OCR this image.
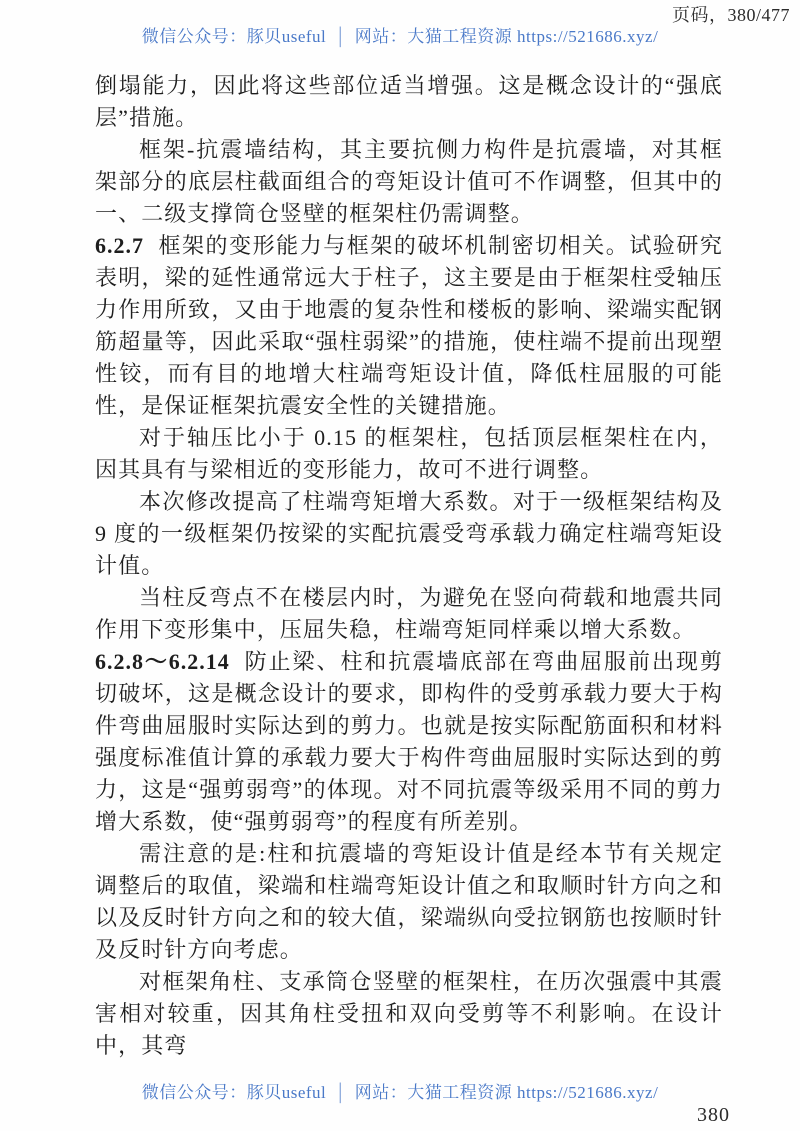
页码，380/477
微信公众号：豚贝useful │ 网站：大猫工程资源 https://521686.xyz/

倒塌能力，因此将这些部位适当增强。这是概念设计的“强底层”措施。

框架-抗震墙结构，其主要抗侧力构件是抗震墙，对其框架部分的底层柱截面组合的弯矩设计值可不作调整，但其中的一、二级支撑筒仓竖壁的框架柱仍需调整。

6.2.7 框架的变形能力与框架的破坏机制密切相关。试验研究表明，梁的延性通常远大于柱子，这主要是由于框架柱受轴压力作用所致，又由于地震的复杂性和楼板的影响、梁端实配钢筋超量等，因此采取“强柱弱梁”的措施，使柱端不提前出现塑性铰，而有目的地增大柱端弯矩设计值，降低柱屈服的可能性，是保证框架抗震安全性的关键措施。

对于轴压比小于 0.15 的框架柱，包括顶层框架柱在内，因其具有与梁相近的变形能力，故可不进行调整。

本次修改提高了柱端弯矩增大系数。对于一级框架结构及 9 度的一级框架仍按梁的实配抗震受弯承载力确定柱端弯矩设计值。

当柱反弯点不在楼层内时，为避免在竖向荷载和地震共同作用下变形集中，压屈失稳，柱端弯矩同样乘以增大系数。

6.2.8～6.2.14 防止梁、柱和抗震墙底部在弯曲屈服前出现剪切破坏，这是概念设计的要求，即构件的受剪承载力要大于构件弯曲屈服时实际达到的剪力。也就是按实际配筋面积和材料强度标准值计算的承载力要大于构件弯曲屈服时实际达到的剪力，这是“强剪弱弯”的体现。对不同抗震等级采用不同的剪力增大系数，使“强剪弱弯”的程度有所差别。

需注意的是:柱和抗震墙的弯矩设计值是经本节有关规定调整后的取值，梁端和柱端弯矩设计值之和取顺时针方向之和以及反时针方向之和的较大值，梁端纵向受拉钢筋也按顺时针及反时针方向考虑。

对框架角柱、支承筒仓竖壁的框架柱，在历次强震中其震害相对较重，因其角柱受扭和双向受剪等不利影响。在设计中，其弯

微信公众号：豚贝useful │ 网站：大猫工程资源 https://521686.xyz/
380
